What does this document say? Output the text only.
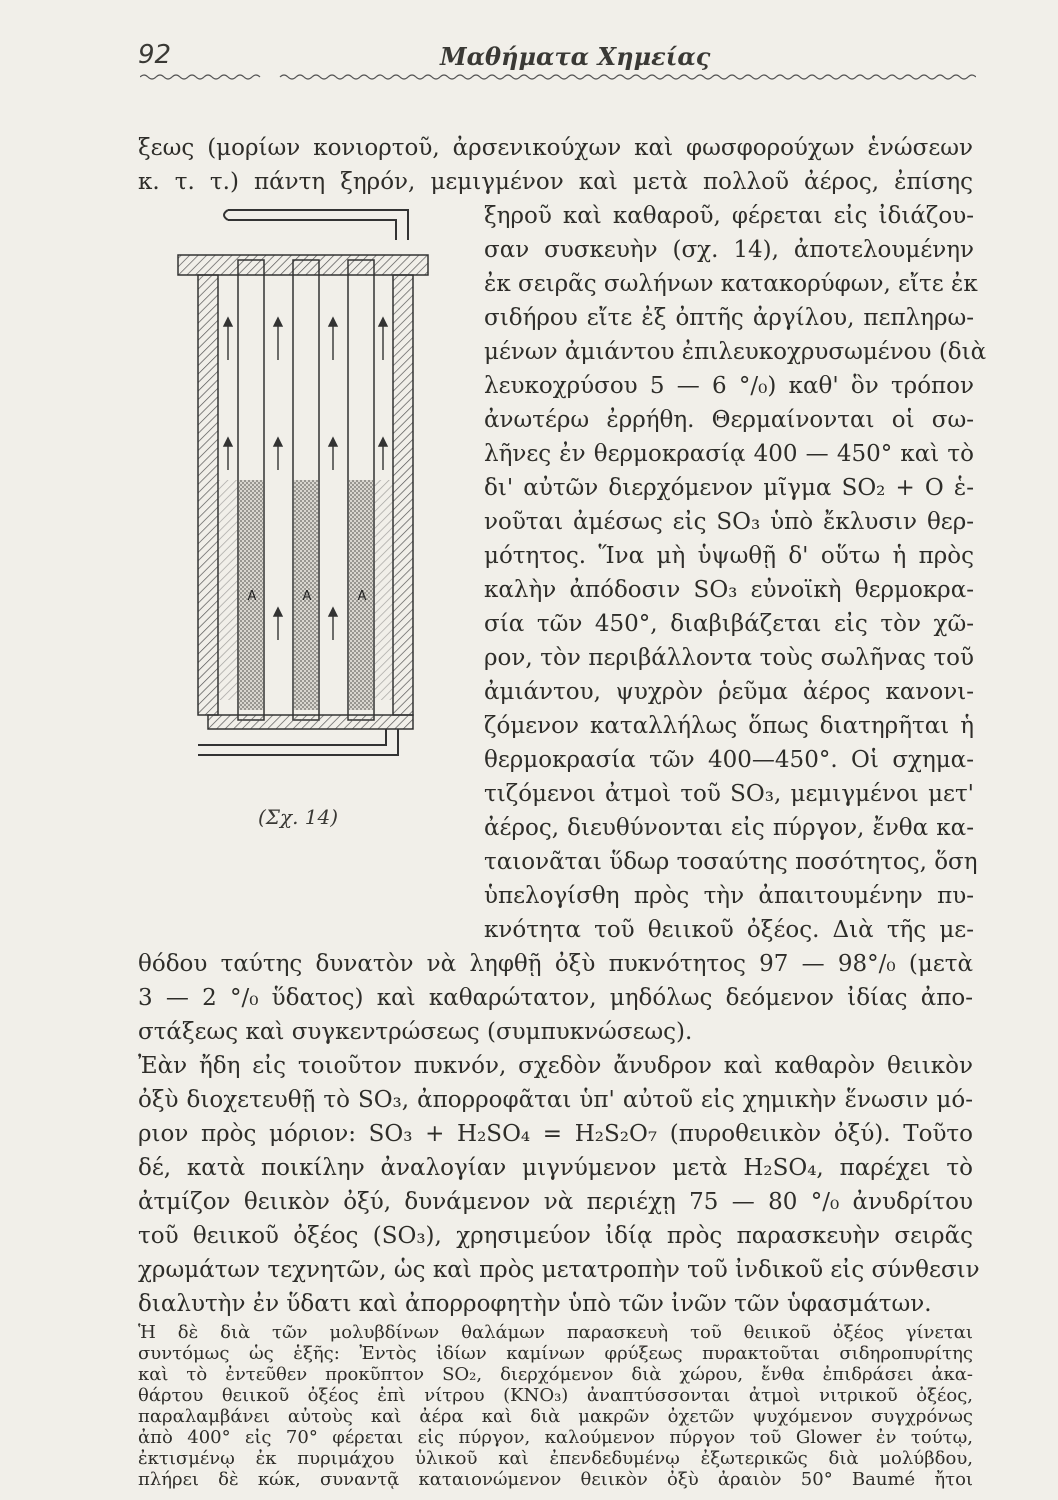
92	Μαθήματα Χημείας
Α	Α	Α
(Σχ. 14)
ξεως (μορίων κονιορτοῦ, ἀρσενικούχων καὶ φωσφορούχων ἑνώσεων
κ. τ. τ.) πάντη ξηρόν, μεμιγμένον καὶ μετὰ πολλοῦ ἀέρος, ἐπίσης
ξηροῦ καὶ καθαροῦ, φέρεται εἰς ἰδιάζου-
σαν συσκευὴν (σχ. 14), ἀποτελουμένην
ἐκ σειρᾶς σωλήνων κατακορύφων, εἴτε ἐκ
σιδήρου εἴτε ἐξ ὀπτῆς ἀργίλου, πεπληρω-
μένων ἀμιάντου ἐπιλευκοχρυσωμένου (διὰ
λευκοχρύσου 5 — 6 °/₀) καθ' ὃν τρόπον
ἀνωτέρω ἐρρήθη. Θερμαίνονται οἱ σω-
λῆνες ἐν θερμοκρασίᾳ 400 — 450° καὶ τὸ
δι' αὐτῶν διερχόμενον μῖγμα SO₂ + O ἑ-
νοῦται ἀμέσως εἰς SO₃ ὑπὸ ἔκλυσιν θερ-
μότητος. Ἵνα μὴ ὑψωθῇ δ' οὕτω ἡ πρὸς
καλὴν ἀπόδοσιν SO₃ εὐνοϊκὴ θερμοκρα-
σία τῶν 450°, διαβιβάζεται εἰς τὸν χῶ-
ρον, τὸν περιβάλλοντα τοὺς σωλῆνας τοῦ
ἀμιάντου, ψυχρὸν ῥεῦμα ἀέρος κανονι-
ζόμενον καταλλήλως ὅπως διατηρῆται ἡ
θερμοκρασία τῶν 400—450°. Οἱ σχημα-
τιζόμενοι ἀτμοὶ τοῦ SO₃, μεμιγμένοι μετ'
ἀέρος, διευθύνονται εἰς πύργον, ἔνθα κα-
ταιονᾶται ὕδωρ τοσαύτης ποσότητος, ὅση
ὑπελογίσθη πρὸς τὴν ἀπαιτουμένην πυ-
κνότητα τοῦ θειικοῦ ὀξέος. Διὰ τῆς με-
θόδου ταύτης δυνατὸν νὰ ληφθῇ ὀξὺ πυκνότητος 97 — 98°/₀ (μετὰ
3 — 2 °/₀ ὕδατος) καὶ καθαρώτατον, μηδόλως δεόμενον ἰδίας ἀπο-
στάξεως καὶ συγκεντρώσεως (συμπυκνώσεως).
Ἐὰν ἤδη εἰς τοιοῦτον πυκνόν, σχεδὸν ἄνυδρον καὶ καθαρὸν θειικὸν
ὀξὺ διοχετευθῇ τὸ SO₃, ἀπορροφᾶται ὑπ' αὐτοῦ εἰς χημικὴν ἕνωσιν μό-
ριον πρὸς μόριον: SO₃ + H₂SO₄ = H₂S₂O₇ (πυροθειικὸν ὀξύ). Τοῦτο
δέ, κατὰ ποικίλην ἀναλογίαν μιγνύμενον μετὰ H₂SO₄, παρέχει τὸ
ἀτμίζον θειικὸν ὀξύ, δυνάμενον νὰ περιέχῃ 75 — 80 °/₀ ἀνυδρίτου
τοῦ θειικοῦ ὀξέος (SO₃), χρησιμεύον ἰδίᾳ πρὸς παρασκευὴν σειρᾶς
χρωμάτων τεχνητῶν, ὡς καὶ πρὸς μετατροπὴν τοῦ ἰνδικοῦ εἰς σύνθεσιν
διαλυτὴν ἐν ὕδατι καὶ ἀπορροφητὴν ὑπὸ τῶν ἰνῶν τῶν ὑφασμάτων.
Ἡ δὲ διὰ τῶν μολυβδίνων θαλάμων παρασκευὴ τοῦ θειικοῦ ὀξέος γίνεται
συντόμως ὡς ἑξῆς: Ἐντὸς ἰδίων καμίνων φρύξεως πυρακτοῦται σιδηροπυρίτης
καὶ τὸ ἐντεῦθεν προκῦπτον SO₂, διερχόμενον διὰ χώρου, ἔνθα ἐπιδράσει ἀκα-
θάρτου θειικοῦ ὀξέος ἐπὶ νίτρου (KNO₃) ἀναπτύσσονται ἀτμοὶ νιτρικοῦ ὀξέος,
παραλαμβάνει αὐτοὺς καὶ ἀέρα καὶ διὰ μακρῶν ὀχετῶν ψυχόμενον συγχρόνως
ἀπὸ 400° εἰς 70° φέρεται εἰς πύργον, καλούμενον πύργον τοῦ Glower ἐν τούτῳ,
ἐκτισμένῳ ἐκ πυριμάχου ὑλικοῦ καὶ ἐπενδεδυμένῳ ἐξωτερικῶς διὰ μολύβδου,
πλήρει δὲ κώκ, συναντᾷ καταιονώμενον θειικὸν ὀξὺ ἀραιὸν 50° Baumé ἤτοι
